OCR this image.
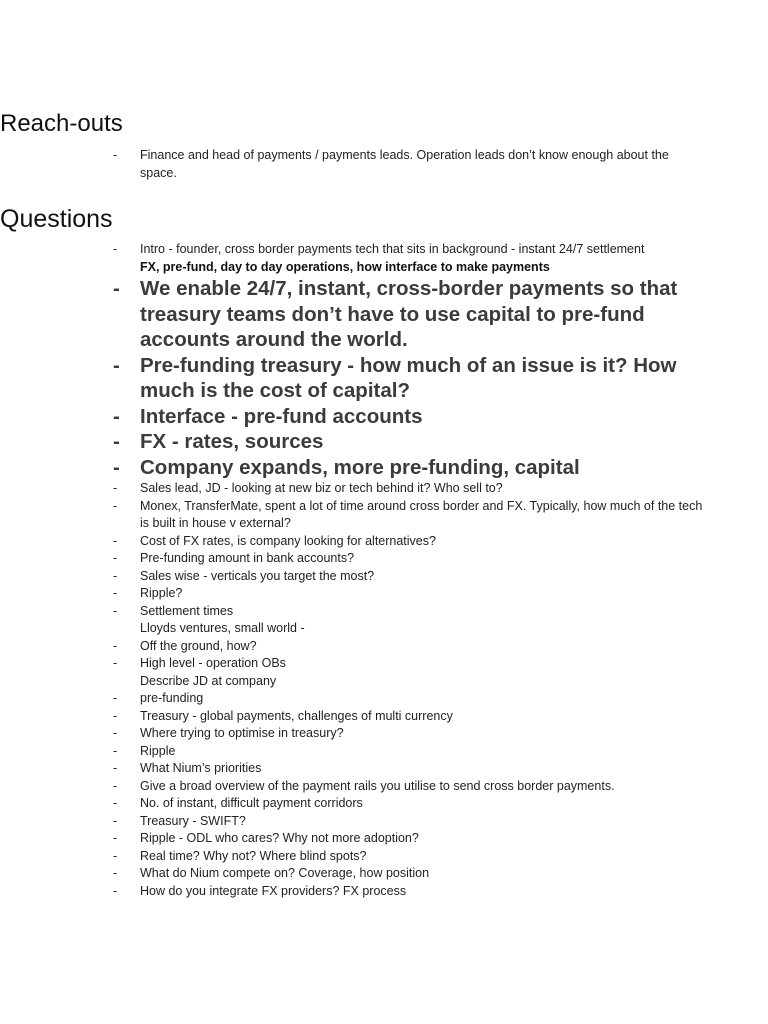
Reach-outs
- Finance and head of payments / payments leads. Operation leads don’t know enough about the space.
Questions
- Intro - founder, cross border payments tech that sits in background - instant 24/7 settlement
FX, pre-fund, day to day operations, how interface to make payments
- We enable 24/7, instant, cross-border payments so that treasury teams don’t have to use capital to pre-fund accounts around the world.
- Pre-funding treasury - how much of an issue is it? How much is the cost of capital?
- Interface - pre-fund accounts
- FX - rates, sources
- Company expands, more pre-funding, capital
- Sales lead, JD - looking at new biz or tech behind it? Who sell to?
- Monex, TransferMate, spent a lot of time around cross border and FX. Typically, how much of the tech is built in house v external?
- Cost of FX rates, is company looking for alternatives?
- Pre-funding amount in bank accounts?
- Sales wise - verticals you target the most?
- Ripple?
- Settlement times
Lloyds ventures, small world -
- Off the ground, how?
- High level - operation OBs
Describe JD at company
- pre-funding
- Treasury - global payments, challenges of multi currency
- Where trying to optimise in treasury?
- Ripple
- What Nium’s priorities
- Give a broad overview of the payment rails you utilise to send cross border payments.
- No. of instant, difficult payment corridors
- Treasury - SWIFT?
- Ripple - ODL who cares? Why not more adoption?
- Real time? Why not? Where blind spots?
- What do Nium compete on? Coverage, how position
- How do you integrate FX providers? FX process
